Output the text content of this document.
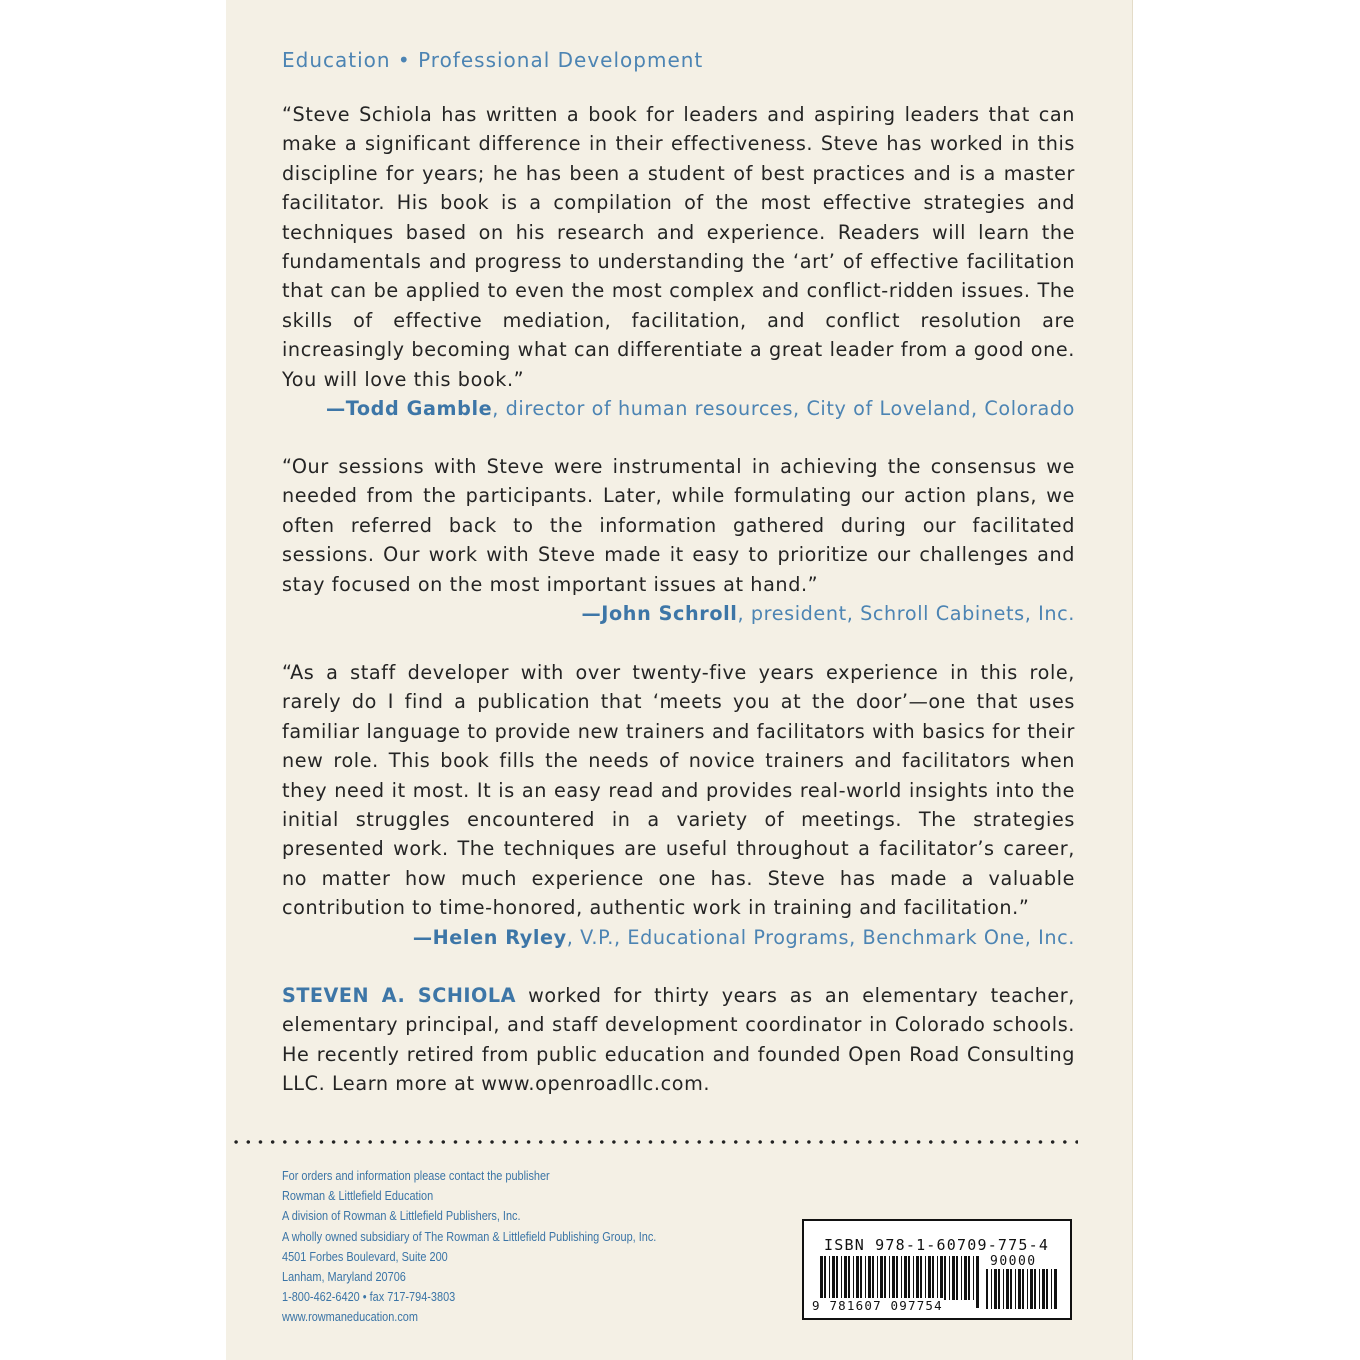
Education • Professional Development

“Steve Schiola has written a book for leaders and aspiring leaders that can make a significant difference in their effectiveness. Steve has worked in this discipline for years; he has been a student of best practices and is a master facilitator. His book is a compilation of the most effective strategies and techniques based on his research and experience. Readers will learn the fundamentals and progress to understanding the ‘art’ of effective facilitation that can be applied to even the most complex and conflict-ridden issues. The skills of effective mediation, facilitation, and conflict resolution are increasingly becoming what can differentiate a great leader from a good one. You will love this book.”

—Todd Gamble, director of human resources, City of Loveland, Colorado

“Our sessions with Steve were instrumental in achieving the consensus we needed from the participants. Later, while formulating our action plans, we often referred back to the information gathered during our facilitated sessions. Our work with Steve made it easy to prioritize our challenges and stay focused on the most important issues at hand.”

—John Schroll, president, Schroll Cabinets, Inc.

“As a staff developer with over twenty-five years experience in this role, rarely do I find a publication that ‘meets you at the door’—one that uses familiar language to provide new trainers and facilitators with basics for their new role. This book fills the needs of novice trainers and facilitators when they need it most. It is an easy read and provides real-world insights into the initial struggles encountered in a variety of meetings. The strategies presented work. The techniques are useful throughout a facilitator’s career, no matter how much experience one has. Steve has made a valuable contribution to time-honored, authentic work in training and facilitation.”

—Helen Ryley, V.P., Educational Programs, Benchmark One, Inc.

STEVEN A. SCHIOLA worked for thirty years as an elementary teacher, elementary principal, and staff development coordinator in Colorado schools. He recently retired from public education and founded Open Road Consulting LLC. Learn more at www.openroadllc.com.

For orders and information please contact the publisher
Rowman & Littlefield Education
A division of Rowman & Littlefield Publishers, Inc.
A wholly owned subsidiary of The Rowman & Littlefield Publishing Group, Inc.
4501 Forbes Boulevard, Suite 200
Lanham, Maryland 20706
1-800-462-6420 • fax 717-794-3803
www.rowmaneducation.com
ISBN 978-1-60709-775-4
90000
9 781607 097754
